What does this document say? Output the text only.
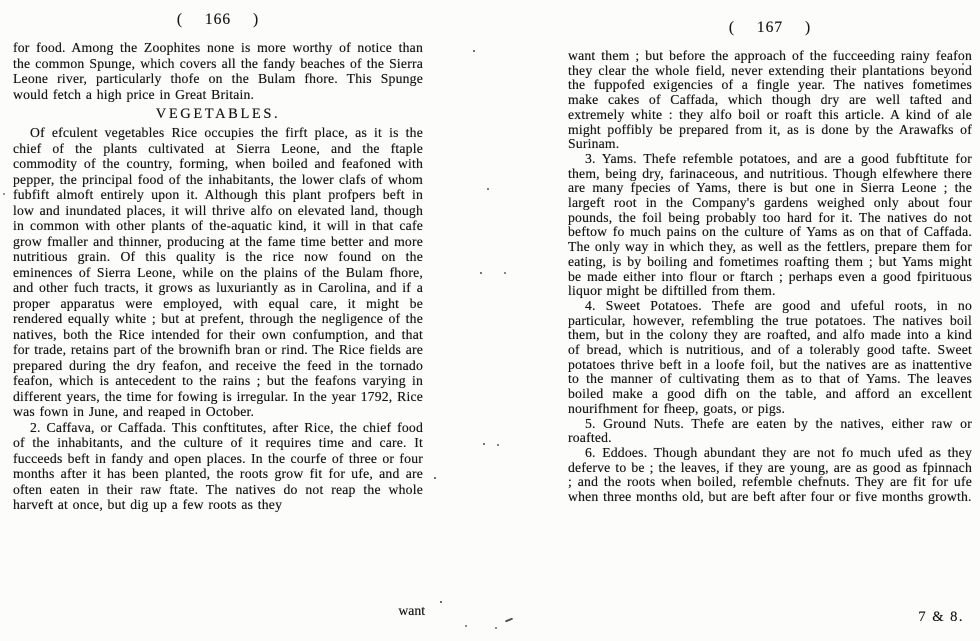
( 166 )

for food. Among the Zoophites none is more worthy of notice than the common Spunge, which covers all the fandy beaches of the Sierra Leone river, particularly thofe on the Bulam fhore. This Spunge would fetch a high price in Great Britain.

VEGETABLES.

Of efculent vegetables Rice occupies the firft place, as it is the chief of the plants cultivated at Sierra Leone, and the ftaple commodity of the country, forming, when boiled and feafoned with pepper, the principal food of the inhabitants, the lower clafs of whom fubfift almoft entirely upon it. Although this plant profpers beft in low and inundated places, it will thrive alfo on elevated land, though in common with other plants of the-aquatic kind, it will in that cafe grow fmaller and thinner, producing at the fame time better and more nutritious grain. Of this quality is the rice now found on the eminences of Sierra Leone, while on the plains of the Bulam fhore, and other fuch tracts, it grows as luxuriantly as in Carolina, and if a proper apparatus were employed, with equal care, it might be rendered equally white ; but at prefent, through the negligence of the natives, both the Rice intended for their own confumption, and that for trade, retains part of the brownifh bran or rind. The Rice fields are prepared during the dry feafon, and receive the feed in the tornado feafon, which is antecedent to the rains ; but the feafons varying in different years, the time for fowing is irregular. In the year 1792, Rice was fown in June, and reaped in October.

2. Caffava, or Caffada. This conftitutes, after Rice, the chief food of the inhabitants, and the culture of it requires time and care. It fucceeds beft in fandy and open places. In the courfe of three or four months after it has been planted, the roots grow fit for ufe, and are often eaten in their raw ftate. The natives do not reap the whole harveft at once, but dig up a few roots as they

( 167 )

want them ; but before the approach of the fucceeding rainy feafon they clear the whole field, never extending their plantations beyond the fuppofed exigencies of a fingle year. The natives fometimes make cakes of Caffada, which though dry are well tafted and extremely white : they alfo boil or roaft this article. A kind of ale might poffibly be prepared from it, as is done by the Arawafks of Surinam.

3. Yams. Thefe refemble potatoes, and are a good fubftitute for them, being dry, farinaceous, and nutritious. Though elfewhere there are many fpecies of Yams, there is but one in Sierra Leone ; the largeft root in the Company's gardens weighed only about four pounds, the foil being probably too hard for it. The natives do not beftow fo much pains on the culture of Yams as on that of Caffada. The only way in which they, as well as the fettlers, prepare them for eating, is by boiling and fometimes roafting them ; but Yams might be made either into flour or ftarch ; perhaps even a good fpirituous liquor might be diftilled from them.

4. Sweet Potatoes. Thefe are good and ufeful roots, in no particular, however, refembling the true potatoes. The natives boil them, but in the colony they are roafted, and alfo made into a kind of bread, which is nutritious, and of a tolerably good tafte. Sweet potatoes thrive beft in a loofe foil, but the natives are as inattentive to the manner of cultivating them as to that of Yams. The leaves boiled make a good difh on the table, and afford an excellent nourifhment for fheep, goats, or pigs.

5. Ground Nuts. Thefe are eaten by the natives, either raw or roafted.

6. Eddoes. Though abundant they are not fo much ufed as they deferve to be ; the leaves, if they are young, are as good as fpinnach ; and the roots when boiled, refemble chefnuts. They are fit for ufe when three months old, but are beft after four or five months growth.

want	7 & 8.
